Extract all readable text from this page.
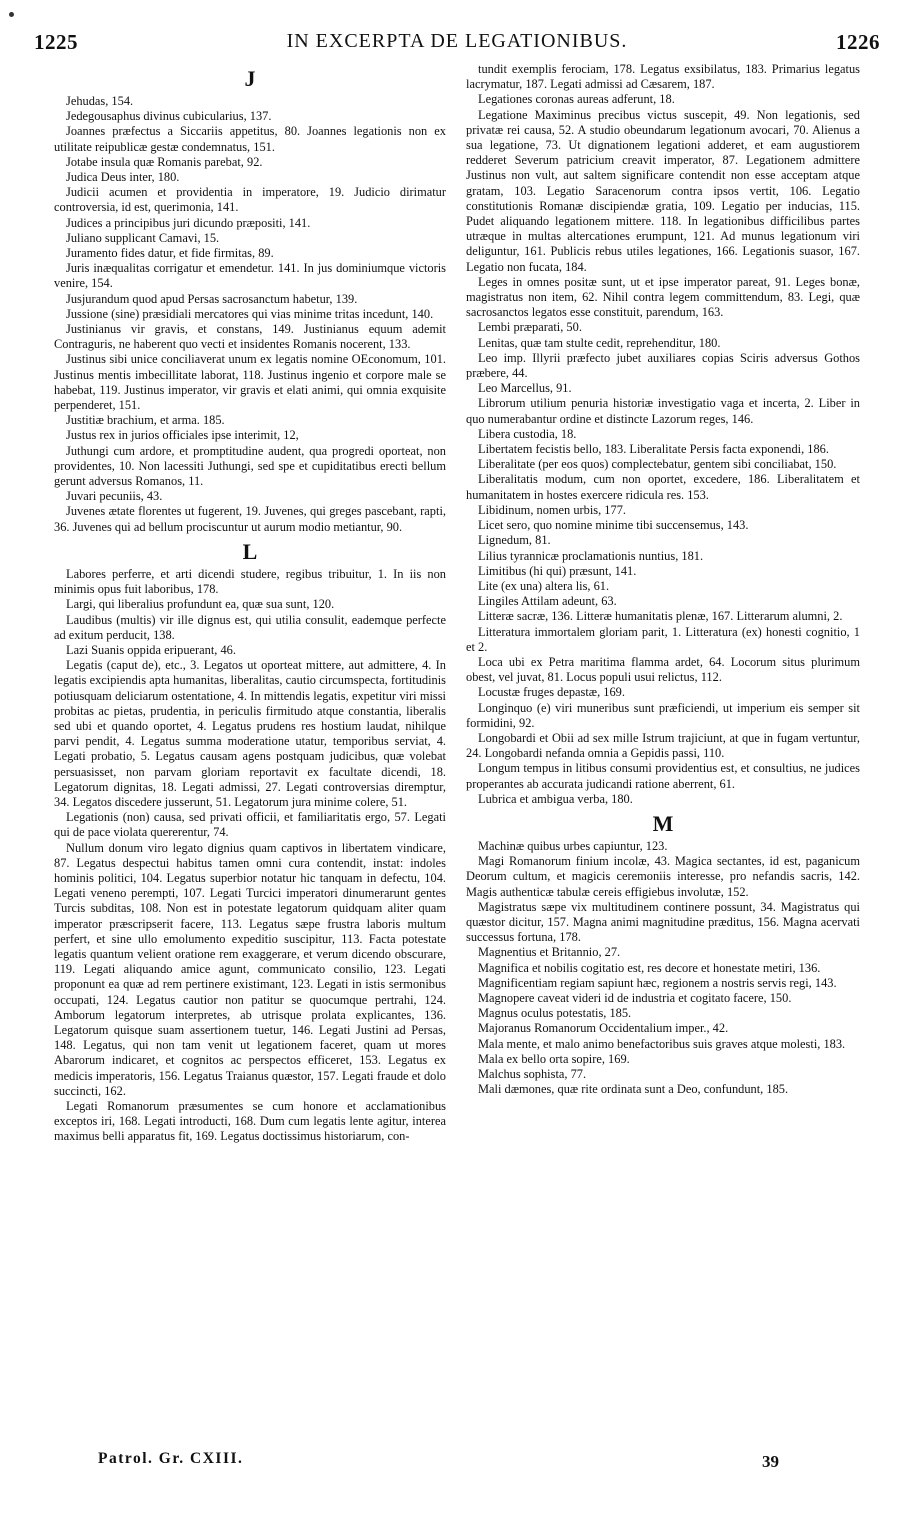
1225	IN EXCERPTA DE LEGATIONIBUS.	1226
J

Jehudas, 154.

Jedegousaphus divinus cubicularius, 137.

Joannes præfectus a Siccariis appetitus, 80. Joannes legationis non ex utilitate reipublicæ gestæ condemnatus, 151.

Jotabe insula quæ Romanis parebat, 92.

Judica Deus inter, 180.

Judicii acumen et providentia in imperatore, 19. Judicio dirimatur controversia, id est, querimonia, 141.

Judices a principibus juri dicundo præpositi, 141.

Juliano supplicant Camavi, 15.

Juramento fides datur, et fide firmitas, 89.

Juris inæqualitas corrigatur et emendetur. 141. In jus dominiumque victoris venire, 154.

Jusjurandum quod apud Persas sacrosanctum habetur, 139.

Jussione (sine) præsidiali mercatores qui vias minime tritas incedunt, 140.

Justinianus vir gravis, et constans, 149. Justinianus equum ademit Contraguris, ne haberent quo vecti et insidentes Romanis nocerent, 133.

Justinus sibi unice conciliaverat unum ex legatis nomine OEconomum, 101. Justinus mentis imbecillitate laborat, 118. Justinus ingenio et corpore male se habebat, 119. Justinus imperator, vir gravis et elati animi, qui omnia exquisite perpenderet, 151.

Justitiæ brachium, et arma. 185.

Justus rex in jurios officiales ipse interimit, 12,

Juthungi cum ardore, et promptitudine audent, qua progredi oporteat, non providentes, 10. Non lacessiti Juthungi, sed spe et cupiditatibus erecti bellum gerunt adversus Romanos, 11.

Juvari pecuniis, 43.

Juvenes ætate florentes ut fugerent, 19. Juvenes, qui greges pascebant, rapti, 36. Juvenes qui ad bellum prociscuntur ut aurum modio metiantur, 90.

L

Labores perferre, et arti dicendi studere, regibus tribuitur, 1. In iis non minimis opus fuit laboribus, 178.

Largi, qui liberalius profundunt ea, quæ sua sunt, 120.

Laudibus (multis) vir ille dignus est, qui utilia consulit, eademque perfecte ad exitum perducit, 138.

Lazi Suanis oppida eripuerant, 46.

Legatis (caput de), etc., 3. Legatos ut oporteat mittere, aut admittere, 4. In legatis excipiendis apta humanitas, liberalitas, cautio circumspecta, fortitudinis potiusquam deliciarum ostentatione, 4. In mittendis legatis, expetitur viri missi probitas ac pietas, prudentia, in periculis firmitudo atque constantia, liberalis sed ubi et quando oportet, 4. Legatus prudens res hostium laudat, nihilque parvi pendit, 4. Legatus summa moderatione utatur, temporibus serviat, 4. Legati probatio, 5. Legatus causam agens postquam judicibus, quæ volebat persuasisset, non parvam gloriam reportavit ex facultate dicendi, 18. Legatorum dignitas, 18. Legati admissi, 27. Legati controversias diremptur, 34. Legatos discedere jusserunt, 51. Legatorum jura minime colere, 51.

Legationis (non) causa, sed privati officii, et familiaritatis ergo, 57. Legati qui de pace violata quererentur, 74.

Nullum donum viro legato dignius quam captivos in libertatem vindicare, 87. Legatus despectui habitus tamen omni cura contendit, instat: indoles hominis politici, 104. Legatus superbior notatur hic tanquam in defectu, 104. Legati veneno perempti, 107. Legati Turcici imperatori dinumerarunt gentes Turcis subditas, 108. Non est in potestate legatorum quidquam aliter quam imperator præscripserit facere, 113. Legatus sæpe frustra laboris multum perfert, et sine ullo emolumento expeditio suscipitur, 113. Facta potestate legatis quantum velient oratione rem exaggerare, et verum dicendo obscurare, 119. Legati aliquando amice agunt, communicato consilio, 123. Legati proponunt ea quæ ad rem pertinere existimant, 123. Legati in istis sermonibus occupati, 124. Legatus cautior non patitur se quocumque pertrahi, 124. Amborum legatorum interpretes, ab utrisque prolata explicantes, 136. Legatorum quisque suam assertionem tuetur, 146. Legati Justini ad Persas, 148. Legatus, qui non tam venit ut legationem faceret, quam ut mores Abarorum indicaret, et cognitos ac perspectos efficeret, 153. Legatus ex medicis imperatoris, 156. Legatus Traianus quæstor, 157. Legati fraude et dolo succincti, 162.

Legati Romanorum præsumentes se cum honore et acclamationibus exceptos iri, 168. Legati introducti, 168. Dum cum legatis lente agitur, interea maximus belli apparatus fit, 169. Legatus doctissimus historiarum, con-

tundit exemplis ferociam, 178. Legatus exsibilatus, 183. Primarius legatus lacrymatur, 187. Legati admissi ad Cæsarem, 187.

Legationes coronas aureas adferunt, 18.

Legatione Maximinus precibus victus suscepit, 49. Non legationis, sed privatæ rei causa, 52. A studio obeundarum legationum avocari, 70. Alienus a sua legatione, 73. Ut dignationem legationi adderet, et eam augustiorem redderet Severum patricium creavit imperator, 87. Legationem admittere Justinus non vult, aut saltem significare contendit non esse acceptam atque gratam, 103. Legatio Saracenorum contra ipsos vertit, 106. Legatio constitutionis Romanæ discipiendæ gratia, 109. Legatio per inducias, 115. Pudet aliquando legationem mittere. 118. In legationibus difficilibus partes utræque in multas altercationes erumpunt, 121. Ad munus legationum viri deliguntur, 161. Publicis rebus utiles legationes, 166. Legationis suasor, 167. Legatio non fucata, 184.

Leges in omnes positæ sunt, ut et ipse imperator pareat, 91. Leges bonæ, magistratus non item, 62. Nihil contra legem committendum, 83. Legi, quæ sacrosanctos legatos esse constituit, parendum, 163.

Lembi præparati, 50.

Lenitas, quæ tam stulte cedit, reprehenditur, 180.

Leo imp. Illyrii præfecto jubet auxiliares copias Sciris adversus Gothos præbere, 44.

Leo Marcellus, 91.

Librorum utilium penuria historiæ investigatio vaga et incerta, 2. Liber in quo numerabantur ordine et distincte Lazorum reges, 146.

Libera custodia, 18.

Libertatem fecistis bello, 183. Liberalitate Persis facta exponendi, 186.

Liberalitate (per eos quos) complectebatur, gentem sibi conciliabat, 150.

Liberalitatis modum, cum non oportet, excedere, 186. Liberalitatem et humanitatem in hostes exercere ridicula res. 153.

Libidinum, nomen urbis, 177.

Licet sero, quo nomine minime tibi succensemus, 143.

Lignedum, 81.

Lilius tyrannicæ proclamationis nuntius, 181.

Limitibus (hi qui) præsunt, 141.

Lite (ex una) altera lis, 61.

Lingiles Attilam adeunt, 63.

Litteræ sacræ, 136. Litteræ humanitatis plenæ, 167. Litterarum alumni, 2.

Litteratura immortalem gloriam parit, 1. Litteratura (ex) honesti cognitio, 1 et 2.

Loca ubi ex Petra maritima flamma ardet, 64. Locorum situs plurimum obest, vel juvat, 81. Locus populi usui relictus, 112.

Locustæ fruges depastæ, 169.

Longinquo (e) viri muneribus sunt præficiendi, ut imperium eis semper sit formidini, 92.

Longobardi et Obii ad sex mille Istrum trajiciunt, at que in fugam vertuntur, 24. Longobardi nefanda omnia a Gepidis passi, 110.

Longum tempus in litibus consumi providentius est, et consultius, ne judices properantes ab accurata judicandi ratione aberrent, 61.

Lubrica et ambigua verba, 180.

M

Machinæ quibus urbes capiuntur, 123.

Magi Romanorum finium incolæ, 43. Magica sectantes, id est, paganicum Deorum cultum, et magicis ceremoniis interesse, pro nefandis sacris, 142. Magis authenticæ tabulæ cereis effigiebus involutæ, 152.

Magistratus sæpe vix multitudinem continere possunt, 34. Magistratus qui quæstor dicitur, 157. Magna animi magnitudine præditus, 156. Magna acervati successus fortuna, 178.

Magnentius et Britannio, 27.

Magnifica et nobilis cogitatio est, res decore et honestate metiri, 136.

Magnificentiam regiam sapiunt hæc, regionem a nostris servis regi, 143.

Magnopere caveat videri id de industria et cogitato facere, 150.

Magnus oculus potestatis, 185.

Majoranus Romanorum Occidentalium imper., 42.

Mala mente, et malo animo benefactoribus suis graves atque molesti, 183.

Mala ex bello orta sopire, 169.

Malchus sophista, 77.

Mali dæmones, quæ rite ordinata sunt a Deo, confundunt, 185.

Patrol. Gr. CXIII.	39
